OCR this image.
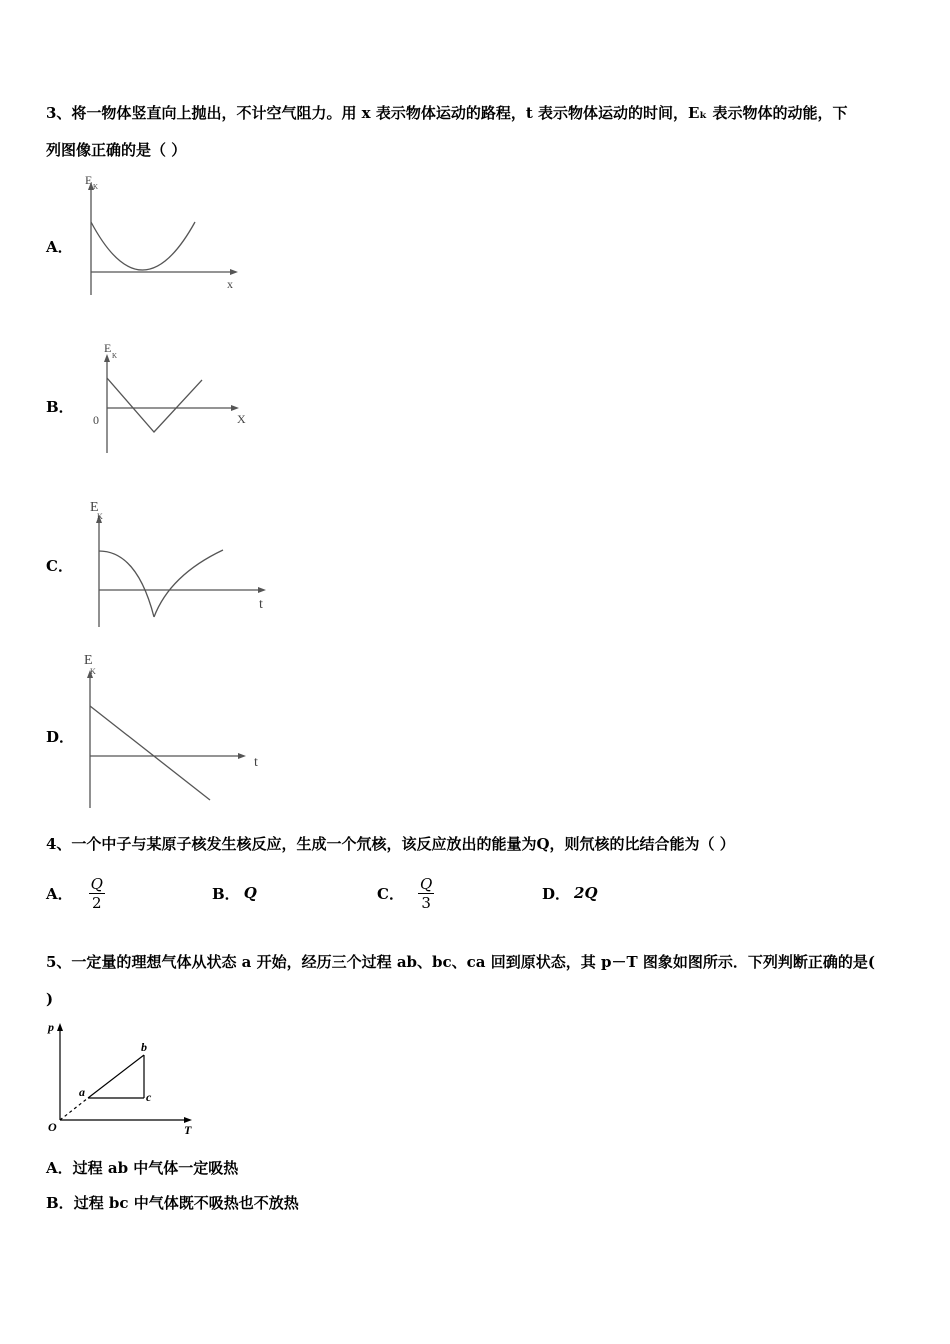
3、将一物体竖直向上抛出，不计空气阻力。用 x 表示物体运动的路程，t 表示物体运动的时间，Eₖ 表示物体的动能，下
列图像正确的是（ ）
A．
E K
x
B．
E
K
0	X
C．
E
K
t
D．
E
K
t
4、一个中子与某原子核发生核反应，生成一个氘核，该反应放出的能量为Q，则氘核的比结合能为（ ）
A． $\frac{Q}{2}$	B． Q	C． $\frac{Q}{3}$	D． 2Q
5、一定量的理想气体从状态 a 开始，经历三个过程 ab、bc、ca 回到原状态，其 p－T 图象如图所示．下列判断正确的是(
)
p
T
O
a
b
c
A．过程 ab 中气体一定吸热
B．过程 bc 中气体既不吸热也不放热
